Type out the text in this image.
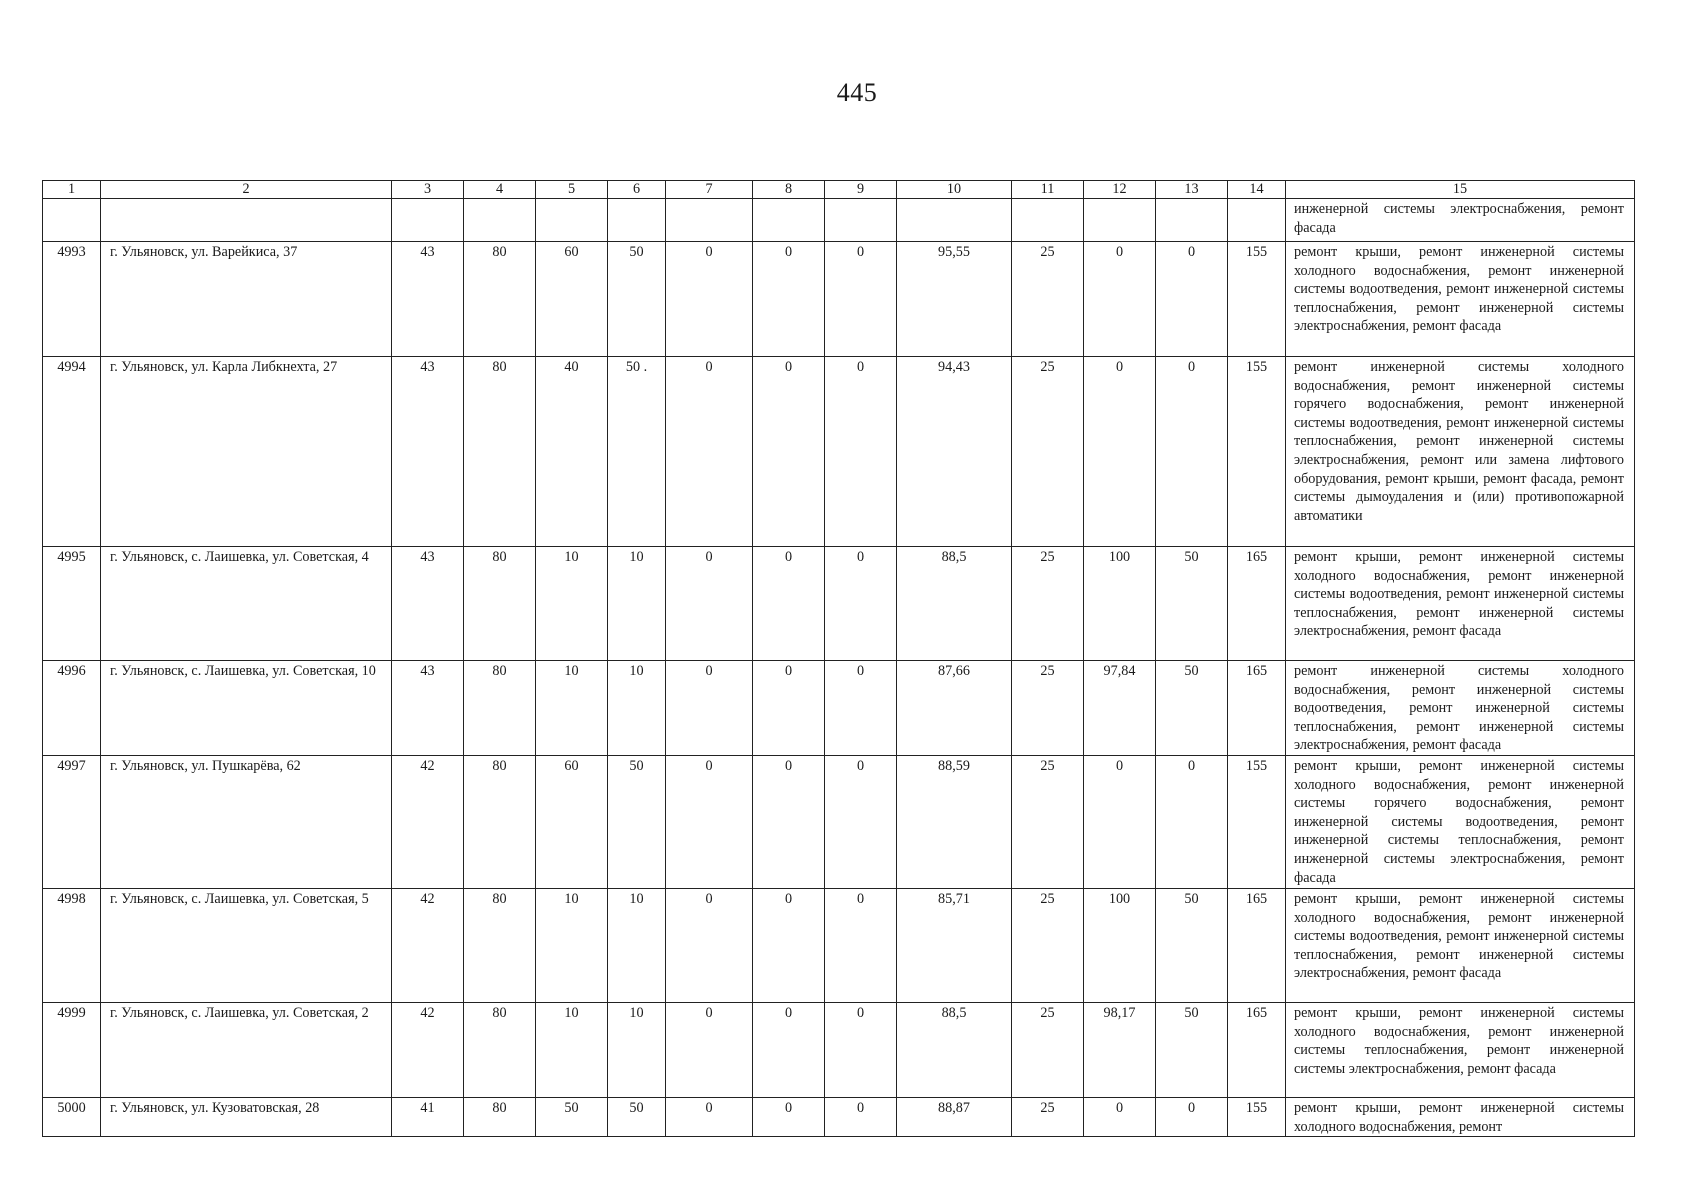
445
1	2	3	4	5	6	7	8	9	10	11	12	13	14	15
														инженерной системы электроснабжения, ремонт фасада
4993	г. Ульяновск, ул. Варейкиса, 37	43	80	60	50	0	0	0	95,55	25	0	0	155	ремонт крыши, ремонт инженерной системы холодного водоснабжения, ремонт инженерной системы водоотведения, ремонт инженерной системы теплоснабжения, ремонт инженерной системы электроснабжения, ремонт фасада
4994	г. Ульяновск, ул. Карла Либкнехта, 27	43	80	40	50 .	0	0	0	94,43	25	0	0	155	ремонт инженерной системы холодного водоснабжения, ремонт инженерной системы горячего водоснабжения, ремонт инженерной системы водоотведения, ремонт инженерной системы теплоснабжения, ремонт инженерной системы электроснабжения, ремонт или замена лифтового оборудования, ремонт крыши, ремонт фасада, ремонт системы дымоудаления и (или) противопожарной автоматики
4995	г. Ульяновск, с. Лаишевка, ул. Советская, 4	43	80	10	10	0	0	0	88,5	25	100	50	165	ремонт крыши, ремонт инженерной системы холодного водоснабжения, ремонт инженерной системы водоотведения, ремонт инженерной системы теплоснабжения, ремонт инженерной системы электроснабжения, ремонт фасада
4996	г. Ульяновск, с. Лаишевка, ул. Советская, 10	43	80	10	10	0	0	0	87,66	25	97,84	50	165	ремонт инженерной системы холодного водоснабжения, ремонт инженерной системы водоотведения, ремонт инженерной системы теплоснабжения, ремонт инженерной системы электроснабжения, ремонт фасада
4997	г. Ульяновск, ул. Пушкарёва, 62	42	80	60	50	0	0	0	88,59	25	0	0	155	ремонт крыши, ремонт инженерной системы холодного водоснабжения, ремонт инженерной системы горячего водоснабжения, ремонт инженерной системы водоотведения, ремонт инженерной системы теплоснабжения, ремонт инженерной системы электроснабжения, ремонт фасада
4998	г. Ульяновск, с. Лаишевка, ул. Советская, 5	42	80	10	10	0	0	0	85,71	25	100	50	165	ремонт крыши, ремонт инженерной системы холодного водоснабжения, ремонт инженерной системы водоотведения, ремонт инженерной системы теплоснабжения, ремонт инженерной системы электроснабжения, ремонт фасада
4999	г. Ульяновск, с. Лаишевка, ул. Советская, 2	42	80	10	10	0	0	0	88,5	25	98,17	50	165	ремонт крыши, ремонт инженерной системы холодного водоснабжения, ремонт инженерной системы теплоснабжения, ремонт инженерной системы электроснабжения, ремонт фасада
5000	г. Ульяновск, ул. Кузоватовская, 28	41	80	50	50	0	0	0	88,87	25	0	0	155	ремонт крыши, ремонт инженерной системы холодного водоснабжения, ремонт
